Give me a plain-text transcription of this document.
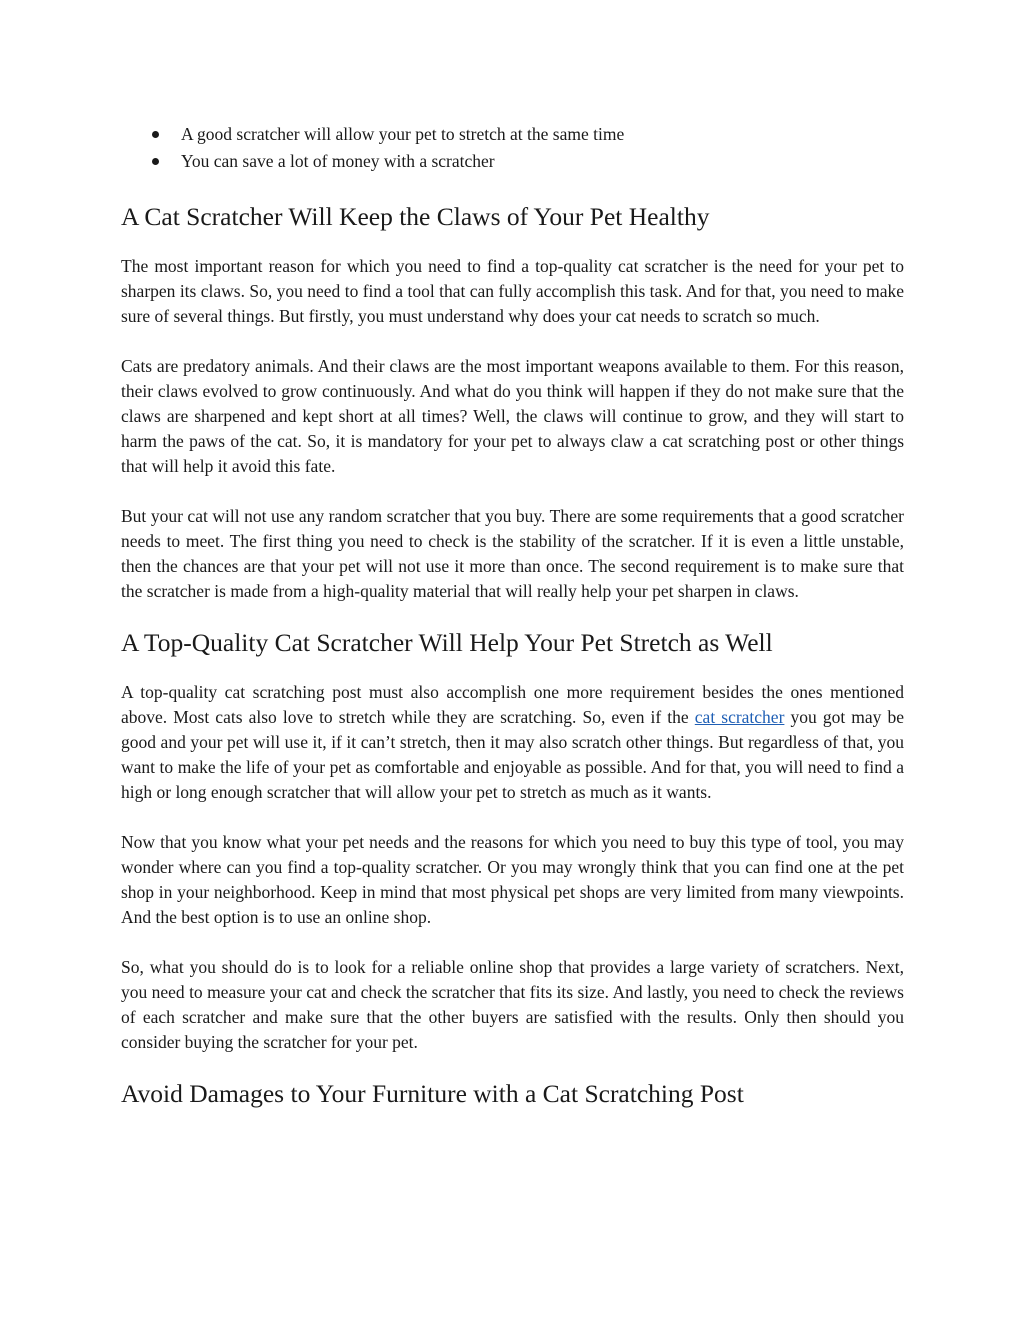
A good scratcher will allow your pet to stretch at the same time
You can save a lot of money with a scratcher
A Cat Scratcher Will Keep the Claws of Your Pet Healthy

The most important reason for which you need to find a top-quality cat scratcher is the need for your pet to sharpen its claws. So, you need to find a tool that can fully accomplish this task. And for that, you need to make sure of several things. But firstly, you must understand why does your cat needs to scratch so much.

Cats are predatory animals. And their claws are the most important weapons available to them. For this reason, their claws evolved to grow continuously. And what do you think will happen if they do not make sure that the claws are sharpened and kept short at all times? Well, the claws will continue to grow, and they will start to harm the paws of the cat. So, it is mandatory for your pet to always claw a cat scratching post or other things that will help it avoid this fate.

But your cat will not use any random scratcher that you buy. There are some requirements that a good scratcher needs to meet. The first thing you need to check is the stability of the scratcher. If it is even a little unstable, then the chances are that your pet will not use it more than once. The second requirement is to make sure that the scratcher is made from a high-quality material that will really help your pet sharpen in claws.

A Top-Quality Cat Scratcher Will Help Your Pet Stretch as Well

A top-quality cat scratching post must also accomplish one more requirement besides the ones mentioned above. Most cats also love to stretch while they are scratching. So, even if the cat scratcher you got may be good and your pet will use it, if it can’t stretch, then it may also scratch other things. But regardless of that, you want to make the life of your pet as comfortable and enjoyable as possible. And for that, you will need to find a high or long enough scratcher that will allow your pet to stretch as much as it wants.

Now that you know what your pet needs and the reasons for which you need to buy this type of tool, you may wonder where can you find a top-quality scratcher. Or you may wrongly think that you can find one at the pet shop in your neighborhood. Keep in mind that most physical pet shops are very limited from many viewpoints. And the best option is to use an online shop.

So, what you should do is to look for a reliable online shop that provides a large variety of scratchers. Next, you need to measure your cat and check the scratcher that fits its size. And lastly, you need to check the reviews of each scratcher and make sure that the other buyers are satisfied with the results. Only then should you consider buying the scratcher for your pet.

Avoid Damages to Your Furniture with a Cat Scratching Post
